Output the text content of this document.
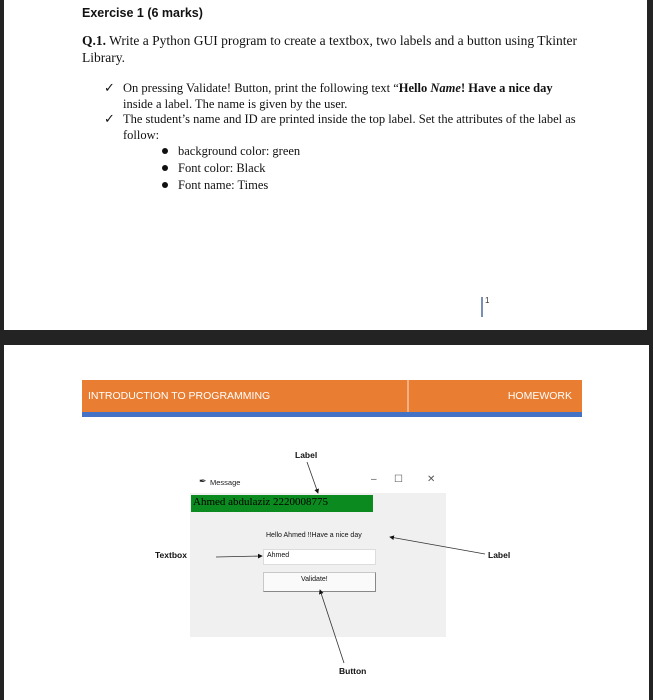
Exercise 1 (6 marks)
Q.1. Write a Python GUI program to create a textbox, two labels and a button using Tkinter Library.
✓ On pressing Validate! Button, print the following text “Hello Name! Have a nice day inside a label. The name is given by the user.
✓ The student’s name and ID are printed inside the top label. Set the attributes of the label as follow:
background color: green
Font color: Black
Font name: Times
1
INTRODUCTION TO PROGRAMMING	HOMEWORK
Label
Textbox	Label
Button
✒ Message	– ☐ ✕
Ahmed abdulaziz 2220008775
Hello Ahmed !!Have a nice day
Ahmed
Validate!
